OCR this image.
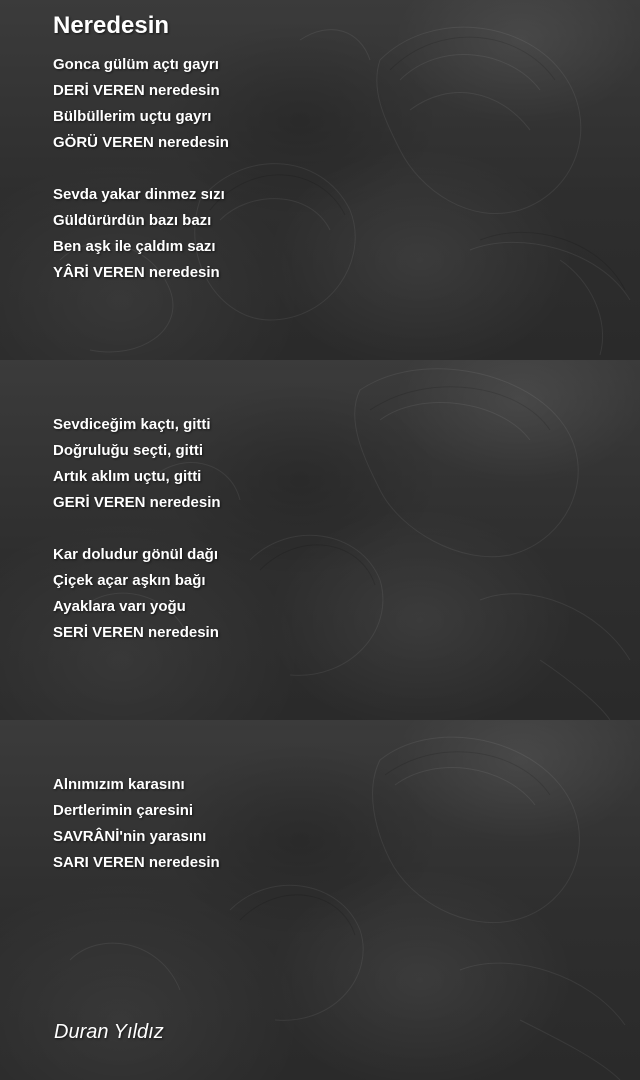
Neredesin
Gonca gülüm açtı gayrı
DERİ VEREN neredesin
Bülbüllerim uçtu gayrı
GÖRÜ VEREN neredesin
Sevda yakar dinmez sızı
Güldürürdün bazı bazı
Ben aşk ile çaldım sazı
YÂRİ VEREN neredesin
Sevdiceğim kaçtı, gitti
Doğruluğu seçti, gitti
Artık aklım uçtu, gitti
GERİ VEREN neredesin
Kar doludur gönül dağı
Çiçek açar aşkın bağı
Ayaklara varı yoğu
SERİ VEREN neredesin
Alnımızım karasını
Dertlerimin çaresini
SAVRÂNİ'nin yarasını
SARI VEREN neredesin
Duran Yıldız
